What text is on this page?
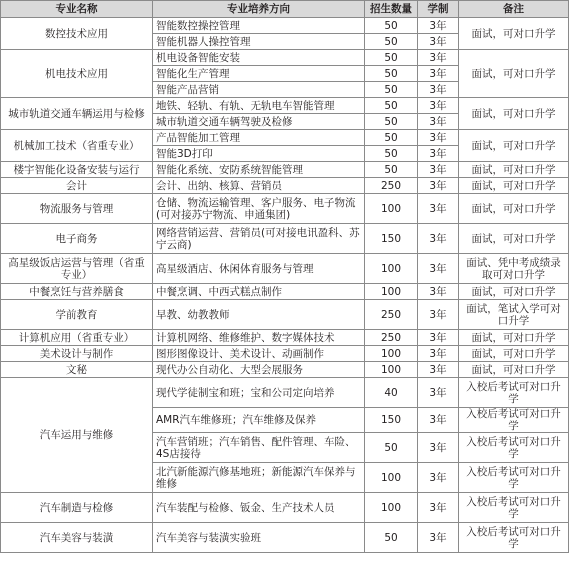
专业名称	专业培养方向	招生数量	学制	备注
数控技术应用	智能数控操控管理	50	3年	面试，可对口升学
	智能机器人操控管理	50	3年	
机电技术应用	机电设备智能安装	50	3年	面试，可对口升学
	智能化生产管理	50	3年	
	智能产品营销	50	3年	
城市轨道交通车辆运用与检修	地铁、轻轨、有轨、无轨电车智能管理	50	3年	面试，可对口升学
	城市轨道交通车辆驾驶及检修	50	3年	
机械加工技术（省重专业）	产品智能加工管理	50	3年	面试，可对口升学
	智能3D打印	50	3年	
楼宇智能化设备安装与运行	智能化系统、安防系统智能管理	50	3年	面试，可对口升学
会计	会计、出纳、核算、营销员	250	3年	面试，可对口升学
物流服务与管理	仓储、物流运输管理、客户服务、电子物流(可对接苏宁物流、申通集团)	100	3年	面试，可对口升学
电子商务	网络营销运营、营销员(可对接电讯盈科、苏宁云商)	150	3年	面试，可对口升学
高星级饭店运营与管理（省重专业）	高星级酒店、休闲体育服务与管理	100	3年	面试、凭中考成绩录取可对口升学
中餐烹饪与营养膳食	中餐烹调、中西式糕点制作	100	3年	面试，可对口升学
学前教育	早教、幼教教师	250	3年	面试，笔试入学可对口升学
计算机应用（省重专业）	计算机网络、维修维护、数字媒体技术	250	3年	面试，可对口升学
美术设计与制作	图形图像设计、美术设计、动画制作	100	3年	面试，可对口升学
文秘	现代办公自动化、大型会展服务	100	3年	面试，可对口升学
汽车运用与维修	现代学徒制宝和班；宝和公司定向培养	40	3年	入校后考试可对口升学
	AMR汽车维修班；汽车维修及保养	150	3年	入校后考试可对口升学
	汽车营销班；汽车销售、配件管理、车险、4S店接待	50	3年	入校后考试可对口升学
	北汽新能源汽修基地班；新能源汽车保养与维修	100	3年	入校后考试可对口升学
汽车制造与检修	汽车装配与检修、钣金、生产技术人员	100	3年	入校后考试可对口升学
汽车美容与装潢	汽车美容与装潢实验班	50	3年	入校后考试可对口升学
